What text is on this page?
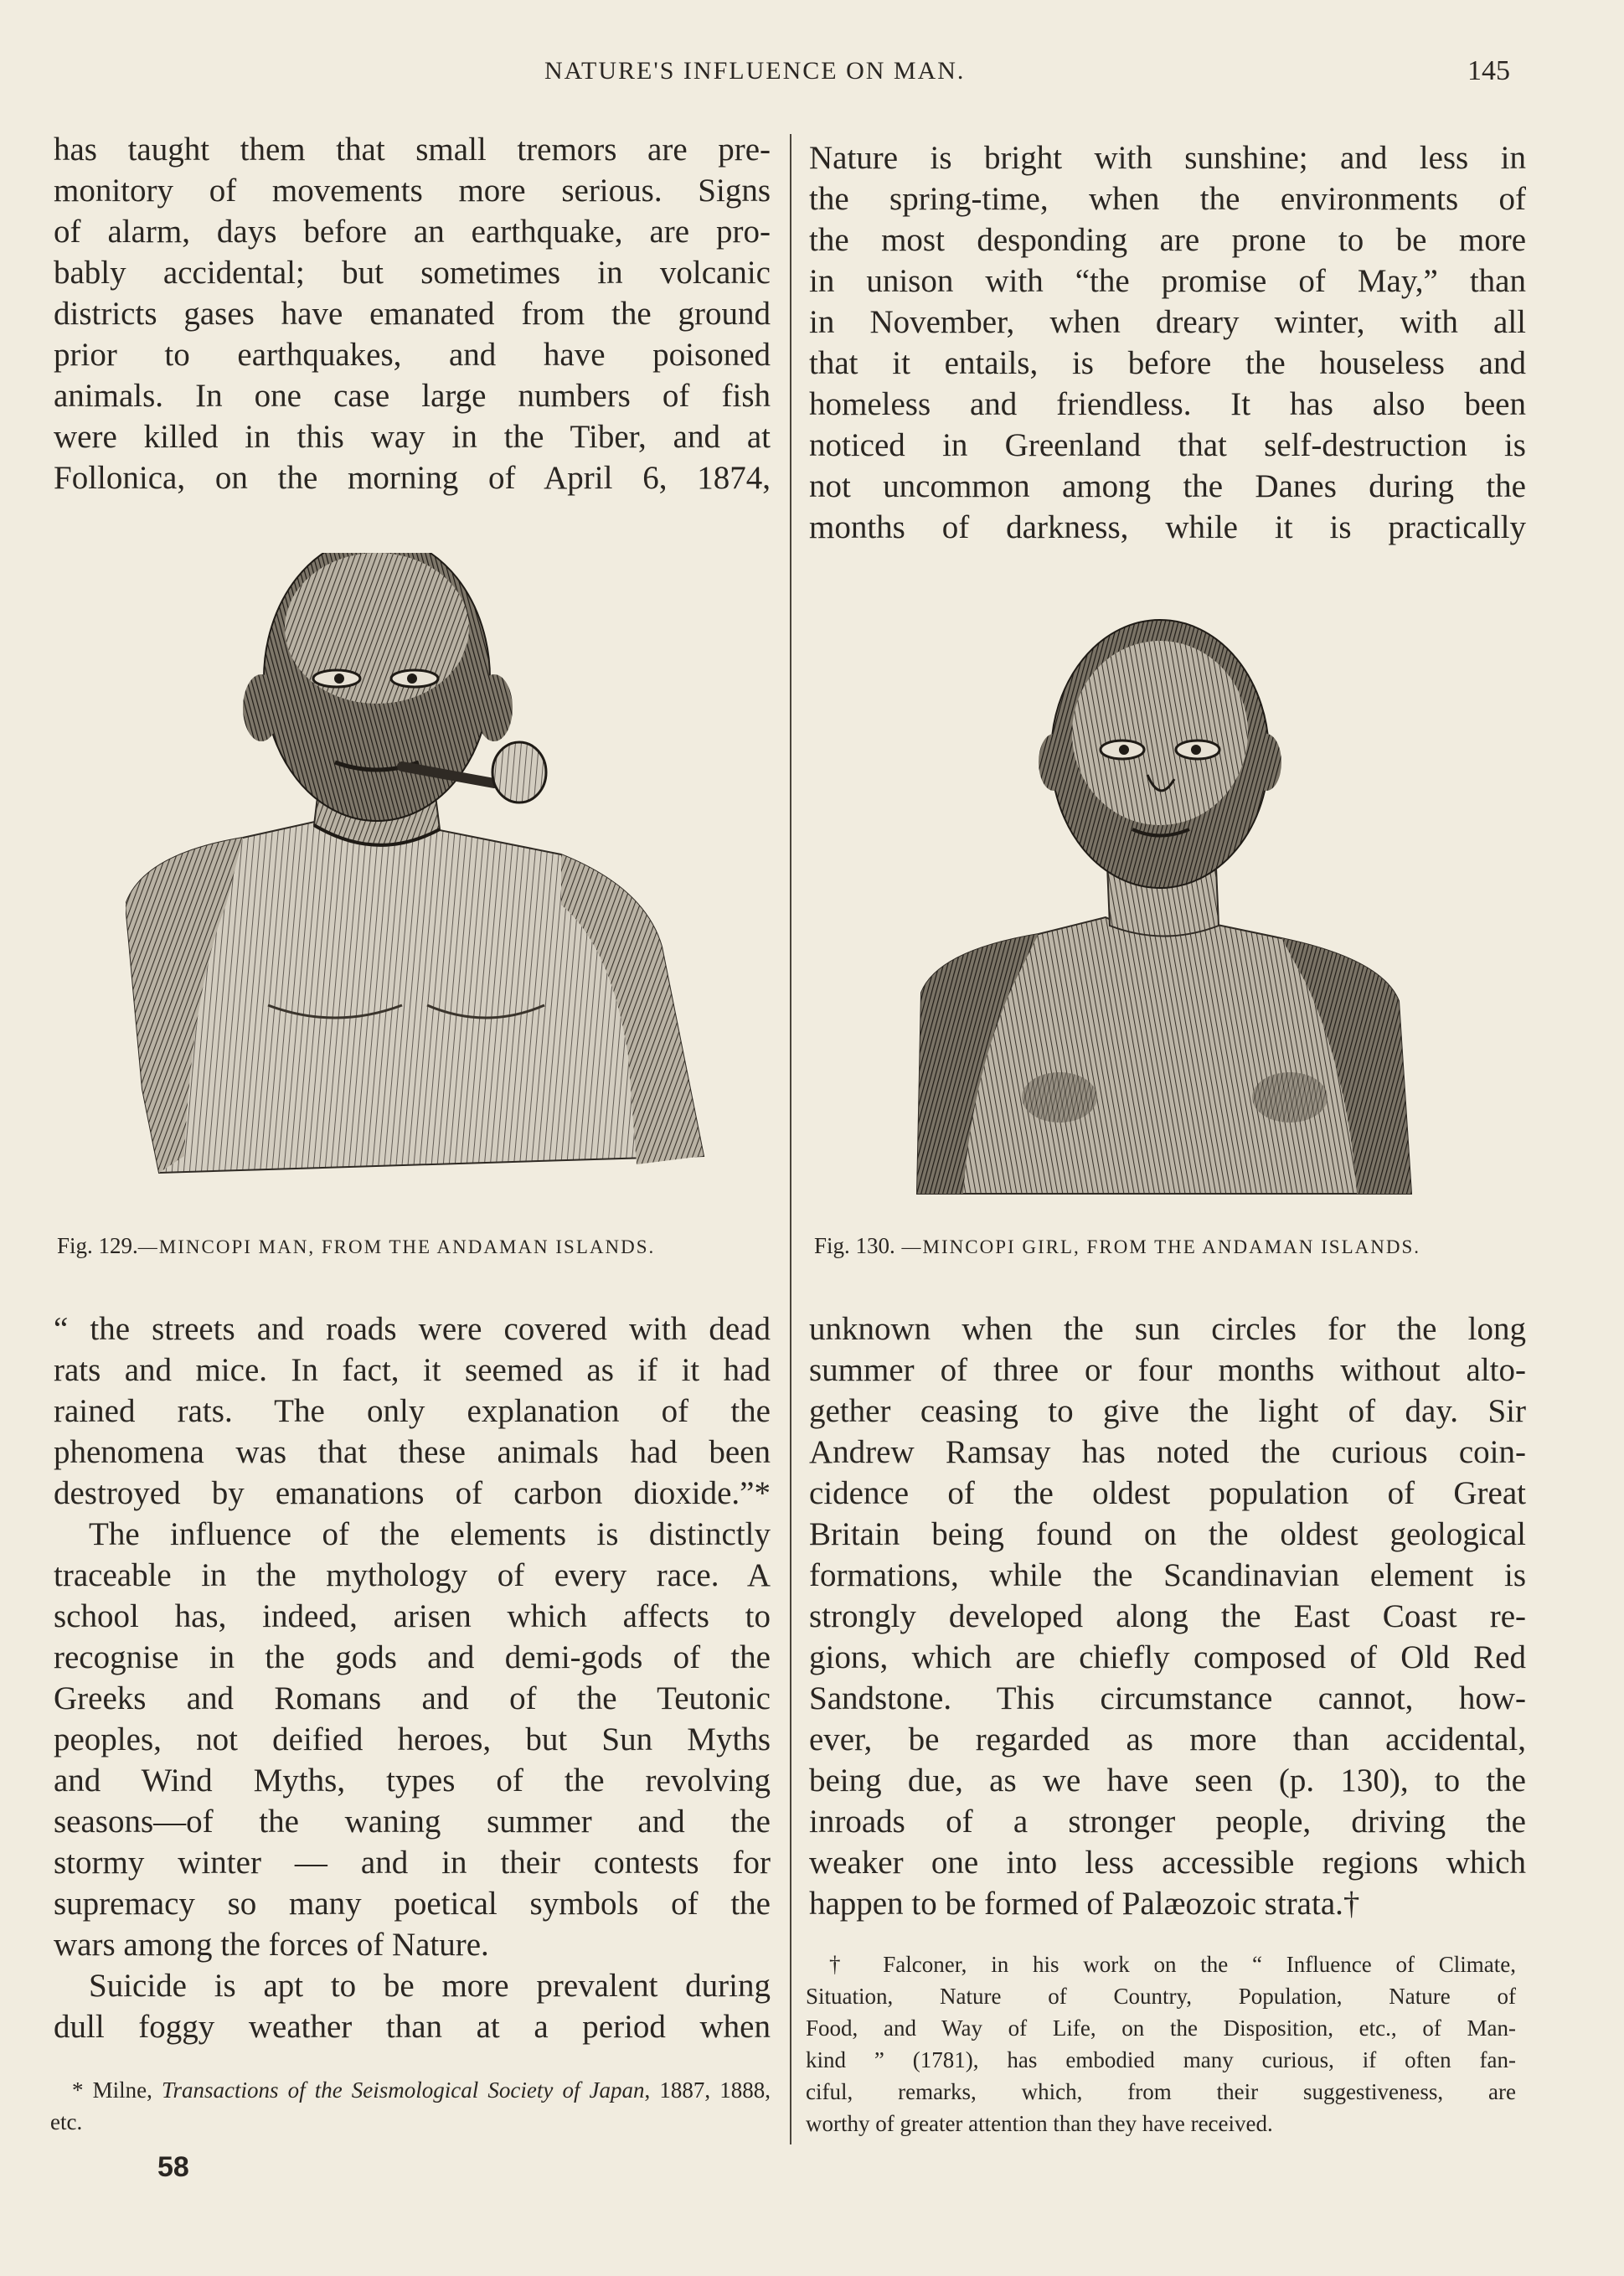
NATURE'S INFLUENCE ON MAN.	145
has taught them that small tremors are pre-
monitory of movements more serious. Signs
of alarm, days before an earthquake, are pro-
bably accidental; but sometimes in volcanic
districts gases have emanated from the ground
prior to earthquakes, and have poisoned
animals. In one case large numbers of fish
were killed in this way in the Tiber, and at
Follonica, on the morning of April 6, 1874,
Nature is bright with sunshine; and less in
the spring-time, when the environments of
the most desponding are prone to be more
in unison with “the promise of May,” than
in November, when dreary winter, with all
that it entails, is before the houseless and
homeless and friendless. It has also been
noticed in Greenland that self-destruction is
not uncommon among the Danes during the
months of darkness, while it is practically
Fig. 129.—MINCOPI MAN, FROM THE ANDAMAN ISLANDS.	Fig. 130. —MINCOPI GIRL, FROM THE ANDAMAN ISLANDS.
“ the streets and roads were covered with dead
rats and mice. In fact, it seemed as if it had
rained rats. The only explanation of the
phenomena was that these animals had been
destroyed by emanations of carbon dioxide.”*
The influence of the elements is distinctly
traceable in the mythology of every race. A
school has, indeed, arisen which affects to
recognise in the gods and demi-gods of the
Greeks and Romans and of the Teutonic
peoples, not deified heroes, but Sun Myths
and Wind Myths, types of the revolving
seasons—of the waning summer and the
stormy winter — and in their contests for
supremacy so many poetical symbols of the
wars among the forces of Nature.
Suicide is apt to be more prevalent during
dull foggy weather than at a period when
unknown when the sun circles for the long
summer of three or four months without alto-
gether ceasing to give the light of day. Sir
Andrew Ramsay has noted the curious coin-
cidence of the oldest population of Great
Britain being found on the oldest geological
formations, while the Scandinavian element is
strongly developed along the East Coast re-
gions, which are chiefly composed of Old Red
Sandstone. This circumstance cannot, how-
ever, be regarded as more than accidental,
being due, as we have seen (p. 130), to the
inroads of a stronger people, driving the
weaker one into less accessible regions which
happen to be formed of Palæozoic strata.†
* Milne, Transactions of the Seismological Society of Japan, 1887, 1888, etc.
† Falconer, in his work on the “ Influence of Climate,
Situation, Nature of Country, Population, Nature of
Food, and Way of Life, on the Disposition, etc., of Man-
kind ” (1781), has embodied many curious, if often fan-
ciful, remarks, which, from their suggestiveness, are
worthy of greater attention than they have received.
58
